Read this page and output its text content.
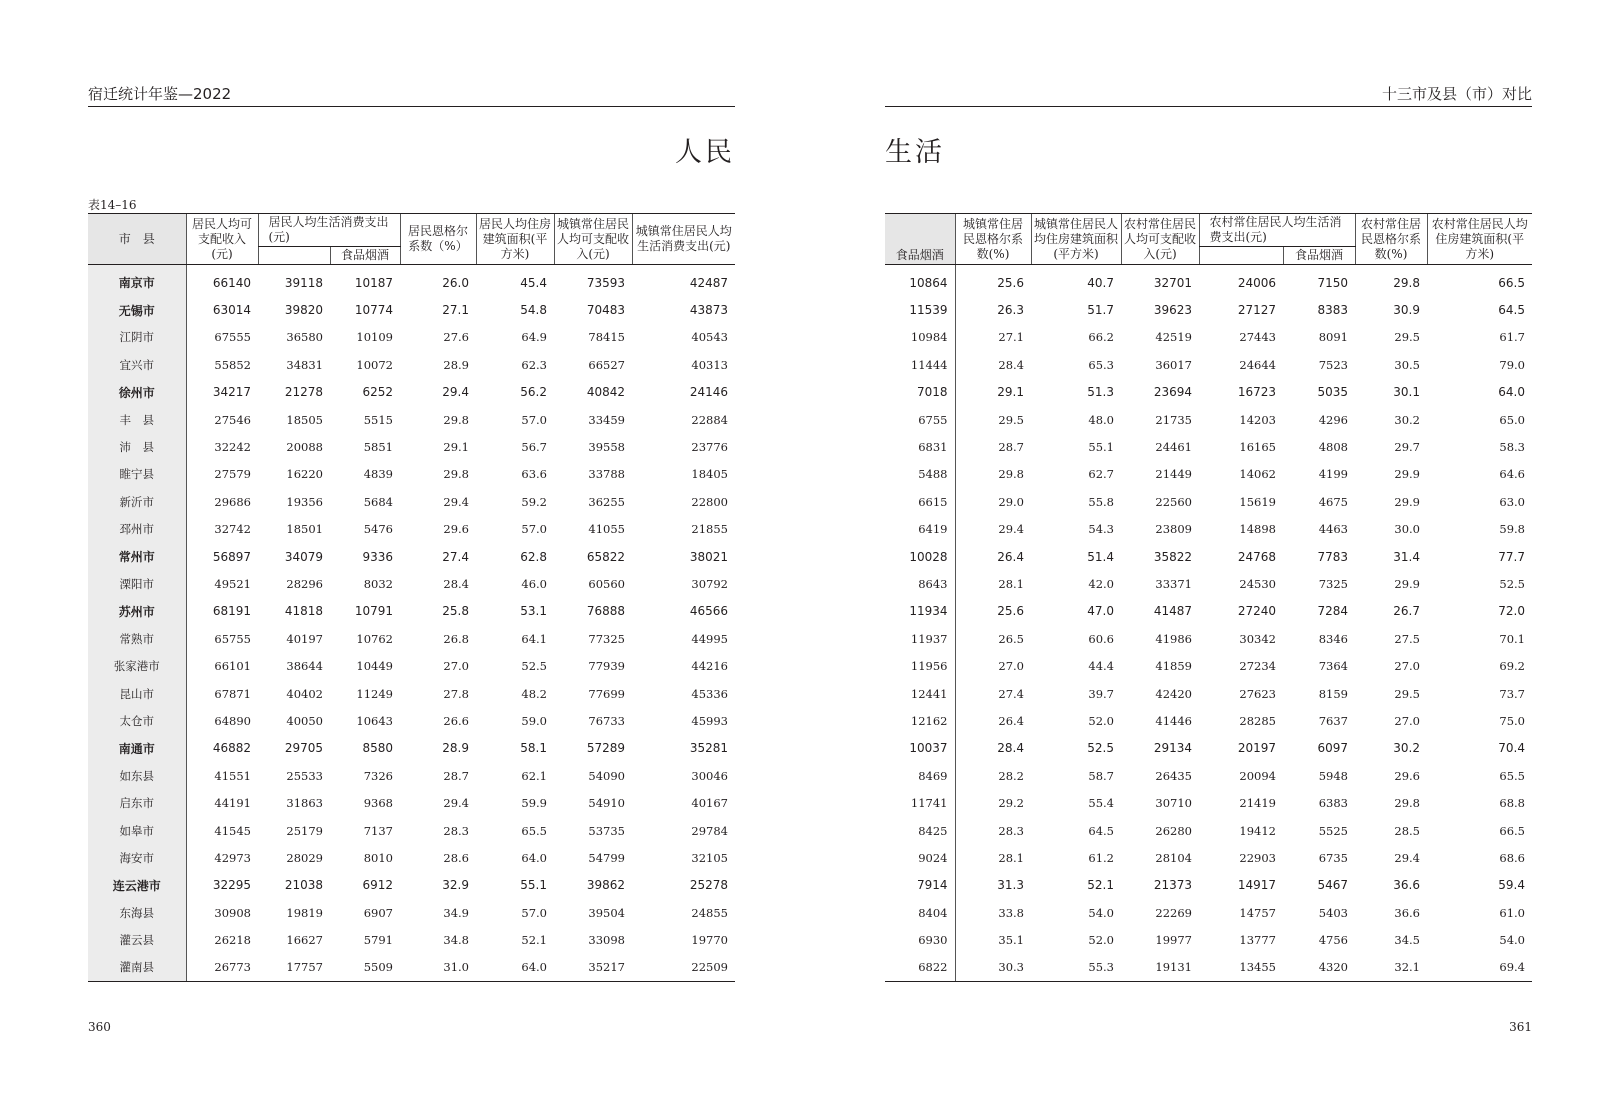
宿迁统计年鉴—2022
人民
表14–16
市　县	居民人均可支配收入(元)	居民人均生活消费支出(元)		居民恩格尔系数（%）	居民人均住房建筑面积(平方米)	城镇常住居民人均可支配收入(元)	城镇常住居民人均生活消费支出(元)
			食品烟酒				
南京市	66140	39118	10187	26.0	45.4	73593	42487
无锡市	63014	39820	10774	27.1	54.8	70483	43873
江阴市	67555	36580	10109	27.6	64.9	78415	40543
宜兴市	55852	34831	10072	28.9	62.3	66527	40313
徐州市	34217	21278	6252	29.4	56.2	40842	24146
丰　县	27546	18505	5515	29.8	57.0	33459	22884
沛　县	32242	20088	5851	29.1	56.7	39558	23776
睢宁县	27579	16220	4839	29.8	63.6	33788	18405
新沂市	29686	19356	5684	29.4	59.2	36255	22800
邳州市	32742	18501	5476	29.6	57.0	41055	21855
常州市	56897	34079	9336	27.4	62.8	65822	38021
溧阳市	49521	28296	8032	28.4	46.0	60560	30792
苏州市	68191	41818	10791	25.8	53.1	76888	46566
常熟市	65755	40197	10762	26.8	64.1	77325	44995
张家港市	66101	38644	10449	27.0	52.5	77939	44216
昆山市	67871	40402	11249	27.8	48.2	77699	45336
太仓市	64890	40050	10643	26.6	59.0	76733	45993
南通市	46882	29705	8580	28.9	58.1	57289	35281
如东县	41551	25533	7326	28.7	62.1	54090	30046
启东市	44191	31863	9368	29.4	59.9	54910	40167
如皋市	41545	25179	7137	28.3	65.5	53735	29784
海安市	42973	28029	8010	28.6	64.0	54799	32105
连云港市	32295	21038	6912	32.9	55.1	39862	25278
东海县	30908	19819	6907	34.9	57.0	39504	24855
灌云县	26218	16627	5791	34.8	52.1	33098	19770
灌南县	26773	17757	5509	31.0	64.0	35217	22509
360
十三市及县（市）对比
生活
食品烟酒	城镇常住居民恩格尔系数(%)	城镇常住居民人均住房建筑面积(平方米)	农村常住居民人均可支配收入(元)	农村常住居民人均生活消费支出(元)		农村常住居民恩格尔系数(%)	农村常住居民人均住房建筑面积(平方米)
					食品烟酒		
10864	25.6	40.7	32701	24006	7150	29.8	66.5
11539	26.3	51.7	39623	27127	8383	30.9	64.5
10984	27.1	66.2	42519	27443	8091	29.5	61.7
11444	28.4	65.3	36017	24644	7523	30.5	79.0
7018	29.1	51.3	23694	16723	5035	30.1	64.0
6755	29.5	48.0	21735	14203	4296	30.2	65.0
6831	28.7	55.1	24461	16165	4808	29.7	58.3
5488	29.8	62.7	21449	14062	4199	29.9	64.6
6615	29.0	55.8	22560	15619	4675	29.9	63.0
6419	29.4	54.3	23809	14898	4463	30.0	59.8
10028	26.4	51.4	35822	24768	7783	31.4	77.7
8643	28.1	42.0	33371	24530	7325	29.9	52.5
11934	25.6	47.0	41487	27240	7284	26.7	72.0
11937	26.5	60.6	41986	30342	8346	27.5	70.1
11956	27.0	44.4	41859	27234	7364	27.0	69.2
12441	27.4	39.7	42420	27623	8159	29.5	73.7
12162	26.4	52.0	41446	28285	7637	27.0	75.0
10037	28.4	52.5	29134	20197	6097	30.2	70.4
8469	28.2	58.7	26435	20094	5948	29.6	65.5
11741	29.2	55.4	30710	21419	6383	29.8	68.8
8425	28.3	64.5	26280	19412	5525	28.5	66.5
9024	28.1	61.2	28104	22903	6735	29.4	68.6
7914	31.3	52.1	21373	14917	5467	36.6	59.4
8404	33.8	54.0	22269	14757	5403	36.6	61.0
6930	35.1	52.0	19977	13777	4756	34.5	54.0
6822	30.3	55.3	19131	13455	4320	32.1	69.4
361
